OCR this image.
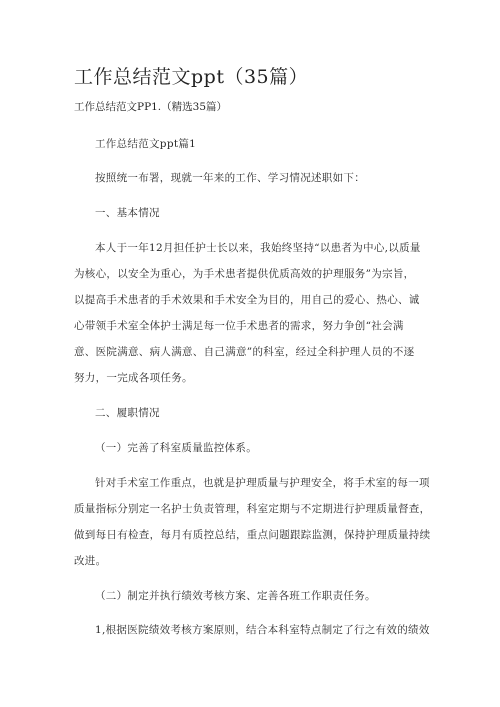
工作总结范文ppt（35篇）
工作总结范文PP1.（精选35篇）
工作总结范文ppt篇1
按照统一布署，现就一年来的工作、学习情况述职如下：
一、基本情况
本人于一年12月担任护士长以来，我始终坚持“以患者为中心,以质量
为核心，以安全为重心，为手术患者提供优质高效的护理服务”为宗旨，
以提高手术患者的手术效果和手术安全为目的，用自己的爱心、热心、诚
心带领手术室全体护士满足每一位手术患者的需求，努力争创“社会满
意、医院满意、病人满意、自己满意”的科室，经过全科护理人员的不逐
努力，一完成各项任务。
二、履职情况
（一）完善了科室质量监控体系。
针对手术室工作重点，也就是护理质量与护理安全，将手术室的每一项
质量指标分别定一名护士负责管理，科室定期与不定期进行护理质量督查，
做到每日有检查，每月有质控总结，重点问题跟踪监测，保持护理质量持续
改进。
（二）制定并执行绩效考核方案、定善各班工作职责任务。
1,根据医院绩效考核方案原则，结合本科室特点制定了行之有效的绩效
